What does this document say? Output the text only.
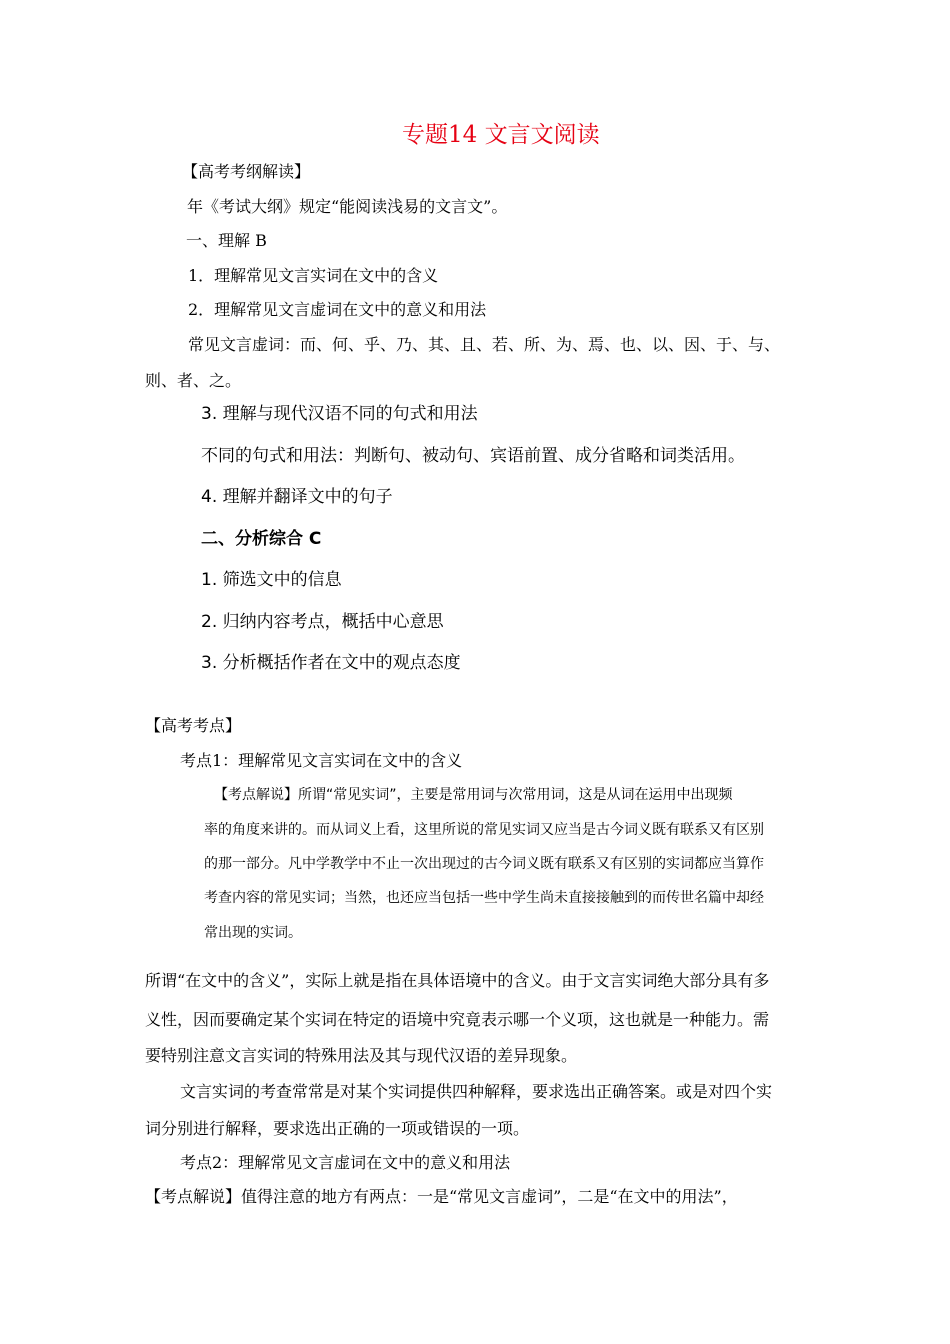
专题14 文言文阅读
【高考考纲解读】
年《考试大纲》规定“能阅读浅易的文言文”。
一、理解 B
1．理解常见文言实词在文中的含义
2．理解常见文言虚词在文中的意义和用法
常见文言虚词：而、何、乎、乃、其、且、若、所、为、焉、也、以、因、于、与、
则、者、之。
3. 理解与现代汉语不同的句式和用法
不同的句式和用法：判断句、被动句、宾语前置、成分省略和词类活用。
4. 理解并翻译文中的句子
二、分析综合 C
1. 筛选文中的信息
2. 归纳内容考点，概括中心意思
3. 分析概括作者在文中的观点态度
【高考考点】
考点1：理解常见文言实词在文中的含义
【考点解说】所谓“常见实词”，主要是常用词与次常用词，这是从词在运用中出现频
率的角度来讲的。而从词义上看，这里所说的常见实词又应当是古今词义既有联系又有区别
的那一部分。凡中学教学中不止一次出现过的古今词义既有联系又有区别的实词都应当算作
考查内容的常见实词；当然，也还应当包括一些中学生尚未直接接触到的而传世名篇中却经
常出现的实词。
所谓“在文中的含义”，实际上就是指在具体语境中的含义。由于文言实词绝大部分具有多
义性，因而要确定某个实词在特定的语境中究竟表示哪一个义项，这也就是一种能力。需
要特别注意文言实词的特殊用法及其与现代汉语的差异现象。
文言实词的考查常常是对某个实词提供四种解释，要求选出正确答案。或是对四个实
词分别进行解释，要求选出正确的一项或错误的一项。
考点2：理解常见文言虚词在文中的意义和用法
【考点解说】值得注意的地方有两点：一是“常见文言虚词”，二是“在文中的用法”，
